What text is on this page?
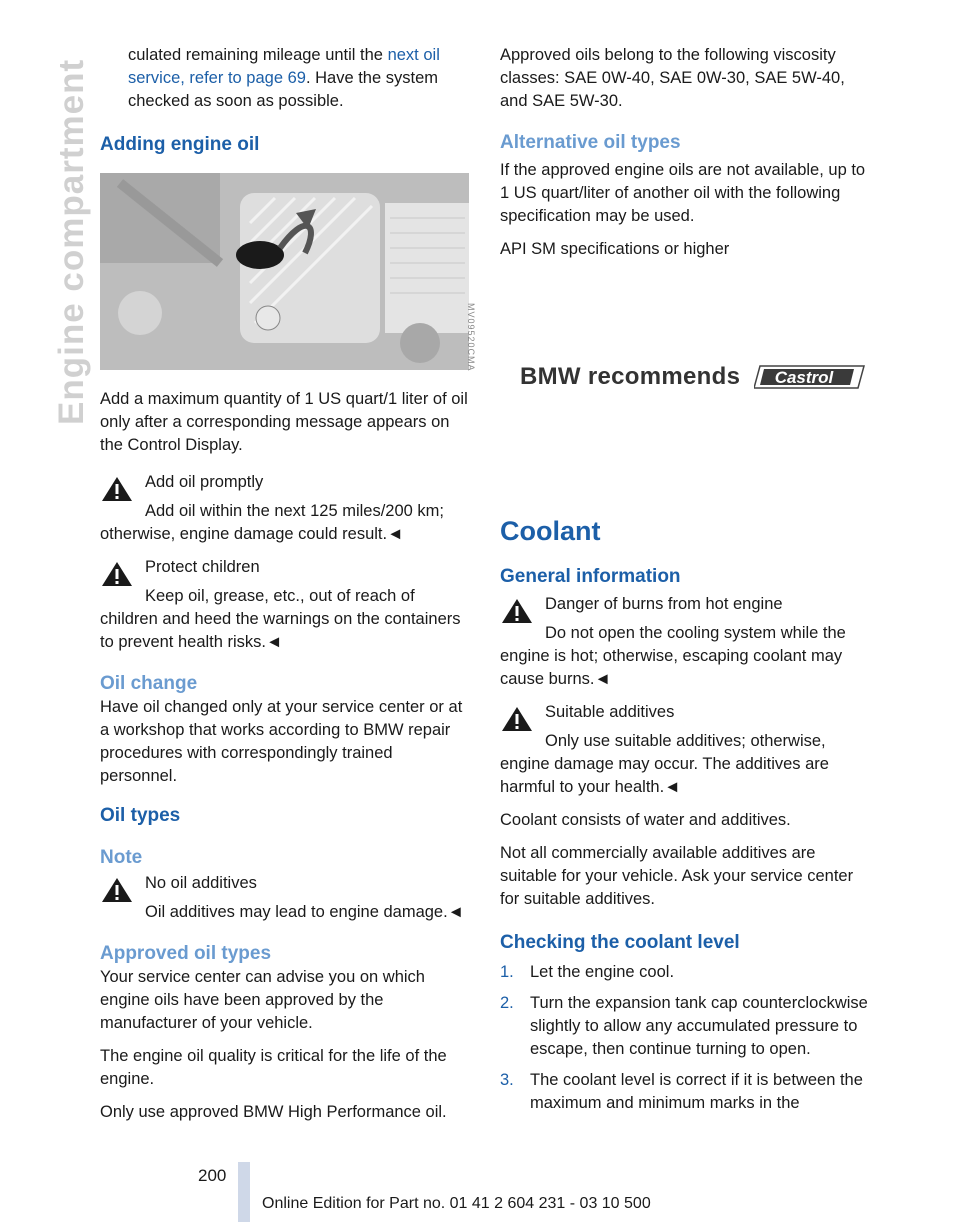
Engine compartment

culated remaining mileage until the next oil service, refer to page 69. Have the system checked as soon as possible.

Adding engine oil
MV09520CMA

Add a maximum quantity of 1 US quart/1 liter of oil only after a corresponding message appears on the Control Display.

Add oil promptly

Add oil within the next 125 miles/200 km; otherwise, engine damage could result.◄

Protect children

Keep oil, grease, etc., out of reach of children and heed the warnings on the containers to prevent health risks.◄

Oil change

Have oil changed only at your service center or at a workshop that works according to BMW repair procedures with correspondingly trained personnel.

Oil types
Note

No oil additives

Oil additives may lead to engine damage.◄

Approved oil types

Your service center can advise you on which engine oils have been approved by the manufacturer of your vehicle.

The engine oil quality is critical for the life of the engine.

Only use approved BMW High Performance oil.

Approved oils belong to the following viscosity classes: SAE 0W-40, SAE 0W-30, SAE 5W-40, and SAE 5W-30.

Alternative oil types

If the approved engine oils are not available, up to 1 US quart/liter of another oil with the following specification may be used.

API SM specifications or higher

BMW recommends Castrol
Coolant
General information

Danger of burns from hot engine

Do not open the cooling system while the engine is hot; otherwise, escaping coolant may cause burns.◄

Suitable additives

Only use suitable additives; otherwise, engine damage may occur. The additives are harmful to your health.◄

Coolant consists of water and additives.

Not all commercially available additives are suitable for your vehicle. Ask your service center for suitable additives.

Checking the coolant level
1. Let the engine cool.
2. Turn the expansion tank cap counterclockwise slightly to allow any accumulated pressure to escape, then continue turning to open.
3. The coolant level is correct if it is between the maximum and minimum marks in the
200
Online Edition for Part no. 01 41 2 604 231 - 03 10 500
